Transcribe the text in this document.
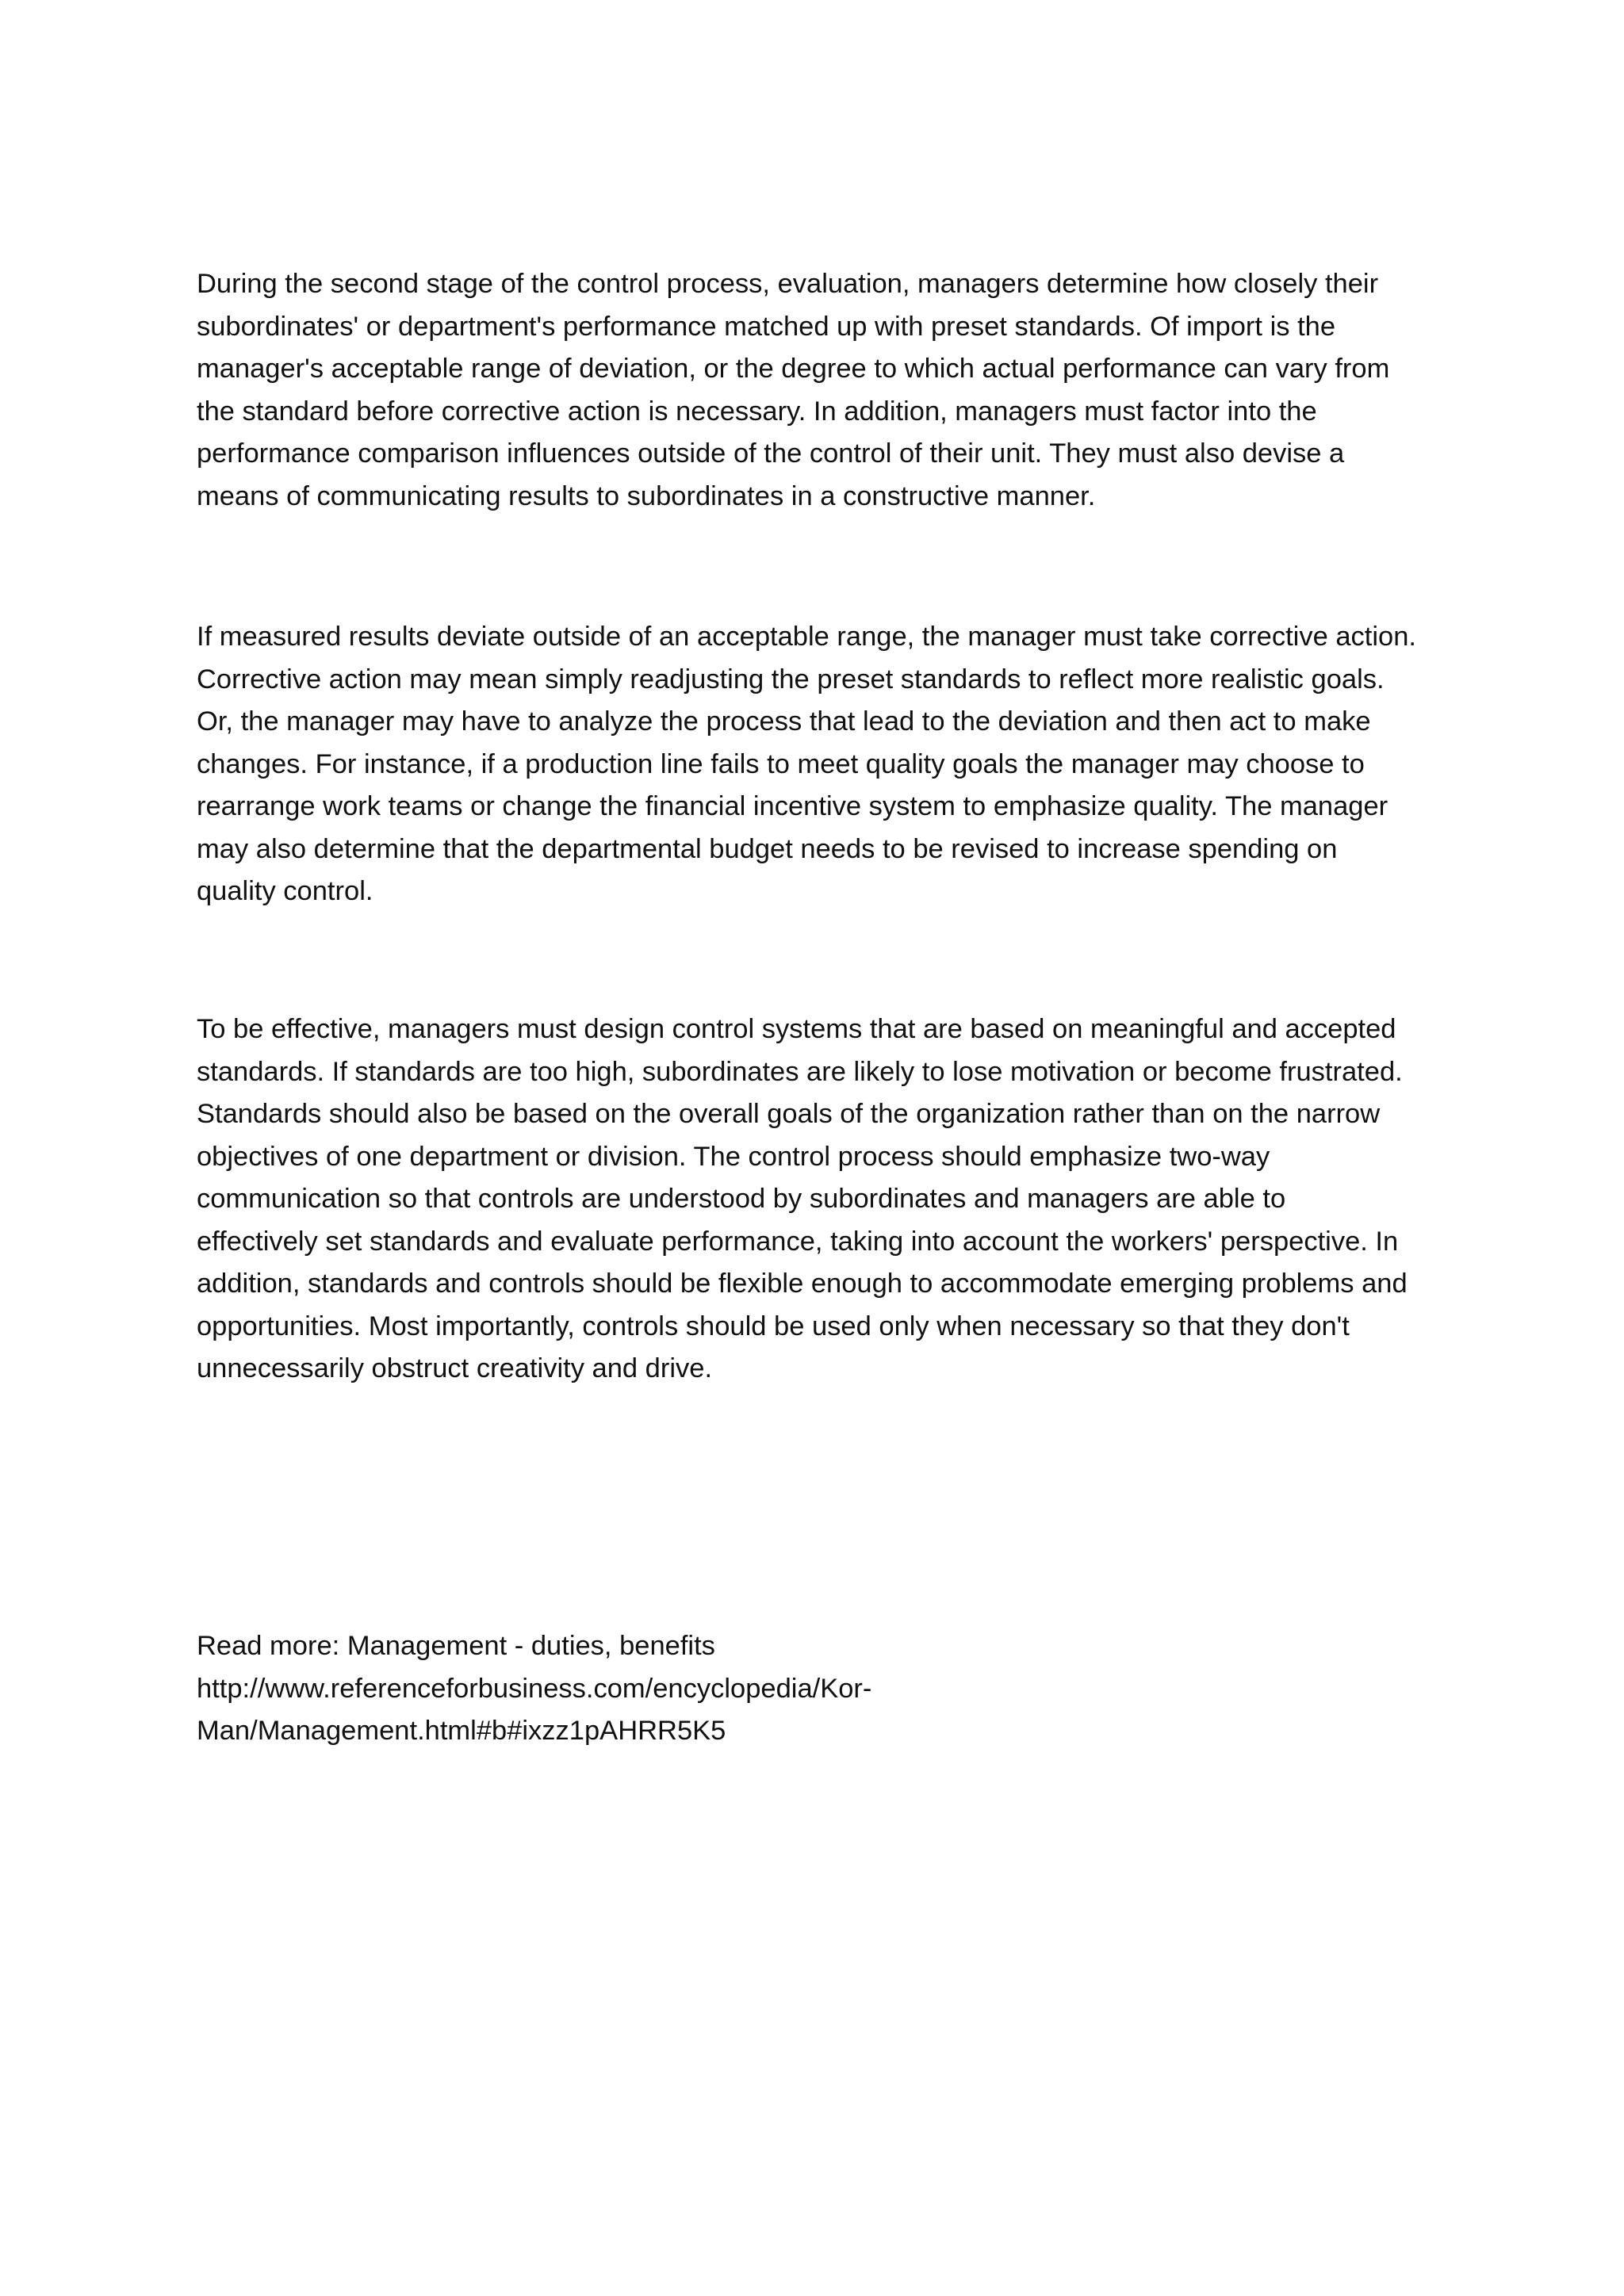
During the second stage of the control process, evaluation, managers determine how closely their
subordinates' or department's performance matched up with preset standards. Of import is the
manager's acceptable range of deviation, or the degree to which actual performance can vary from
the standard before corrective action is necessary. In addition, managers must factor into the
performance comparison influences outside of the control of their unit. They must also devise a
means of communicating results to subordinates in a constructive manner.

If measured results deviate outside of an acceptable range, the manager must take corrective action.
Corrective action may mean simply readjusting the preset standards to reflect more realistic goals.
Or, the manager may have to analyze the process that lead to the deviation and then act to make
changes. For instance, if a production line fails to meet quality goals the manager may choose to
rearrange work teams or change the financial incentive system to emphasize quality. The manager
may also determine that the departmental budget needs to be revised to increase spending on
quality control.

To be effective, managers must design control systems that are based on meaningful and accepted
standards. If standards are too high, subordinates are likely to lose motivation or become frustrated.
Standards should also be based on the overall goals of the organization rather than on the narrow
objectives of one department or division. The control process should emphasize two-way
communication so that controls are understood by subordinates and managers are able to
effectively set standards and evaluate performance, taking into account the workers' perspective. In
addition, standards and controls should be flexible enough to accommodate emerging problems and
opportunities. Most importantly, controls should be used only when necessary so that they don't
unnecessarily obstruct creativity and drive.

Read more: Management - duties, benefits
http://www.referenceforbusiness.com/encyclopedia/Kor-
Man/Management.html#b#ixzz1pAHRR5K5
